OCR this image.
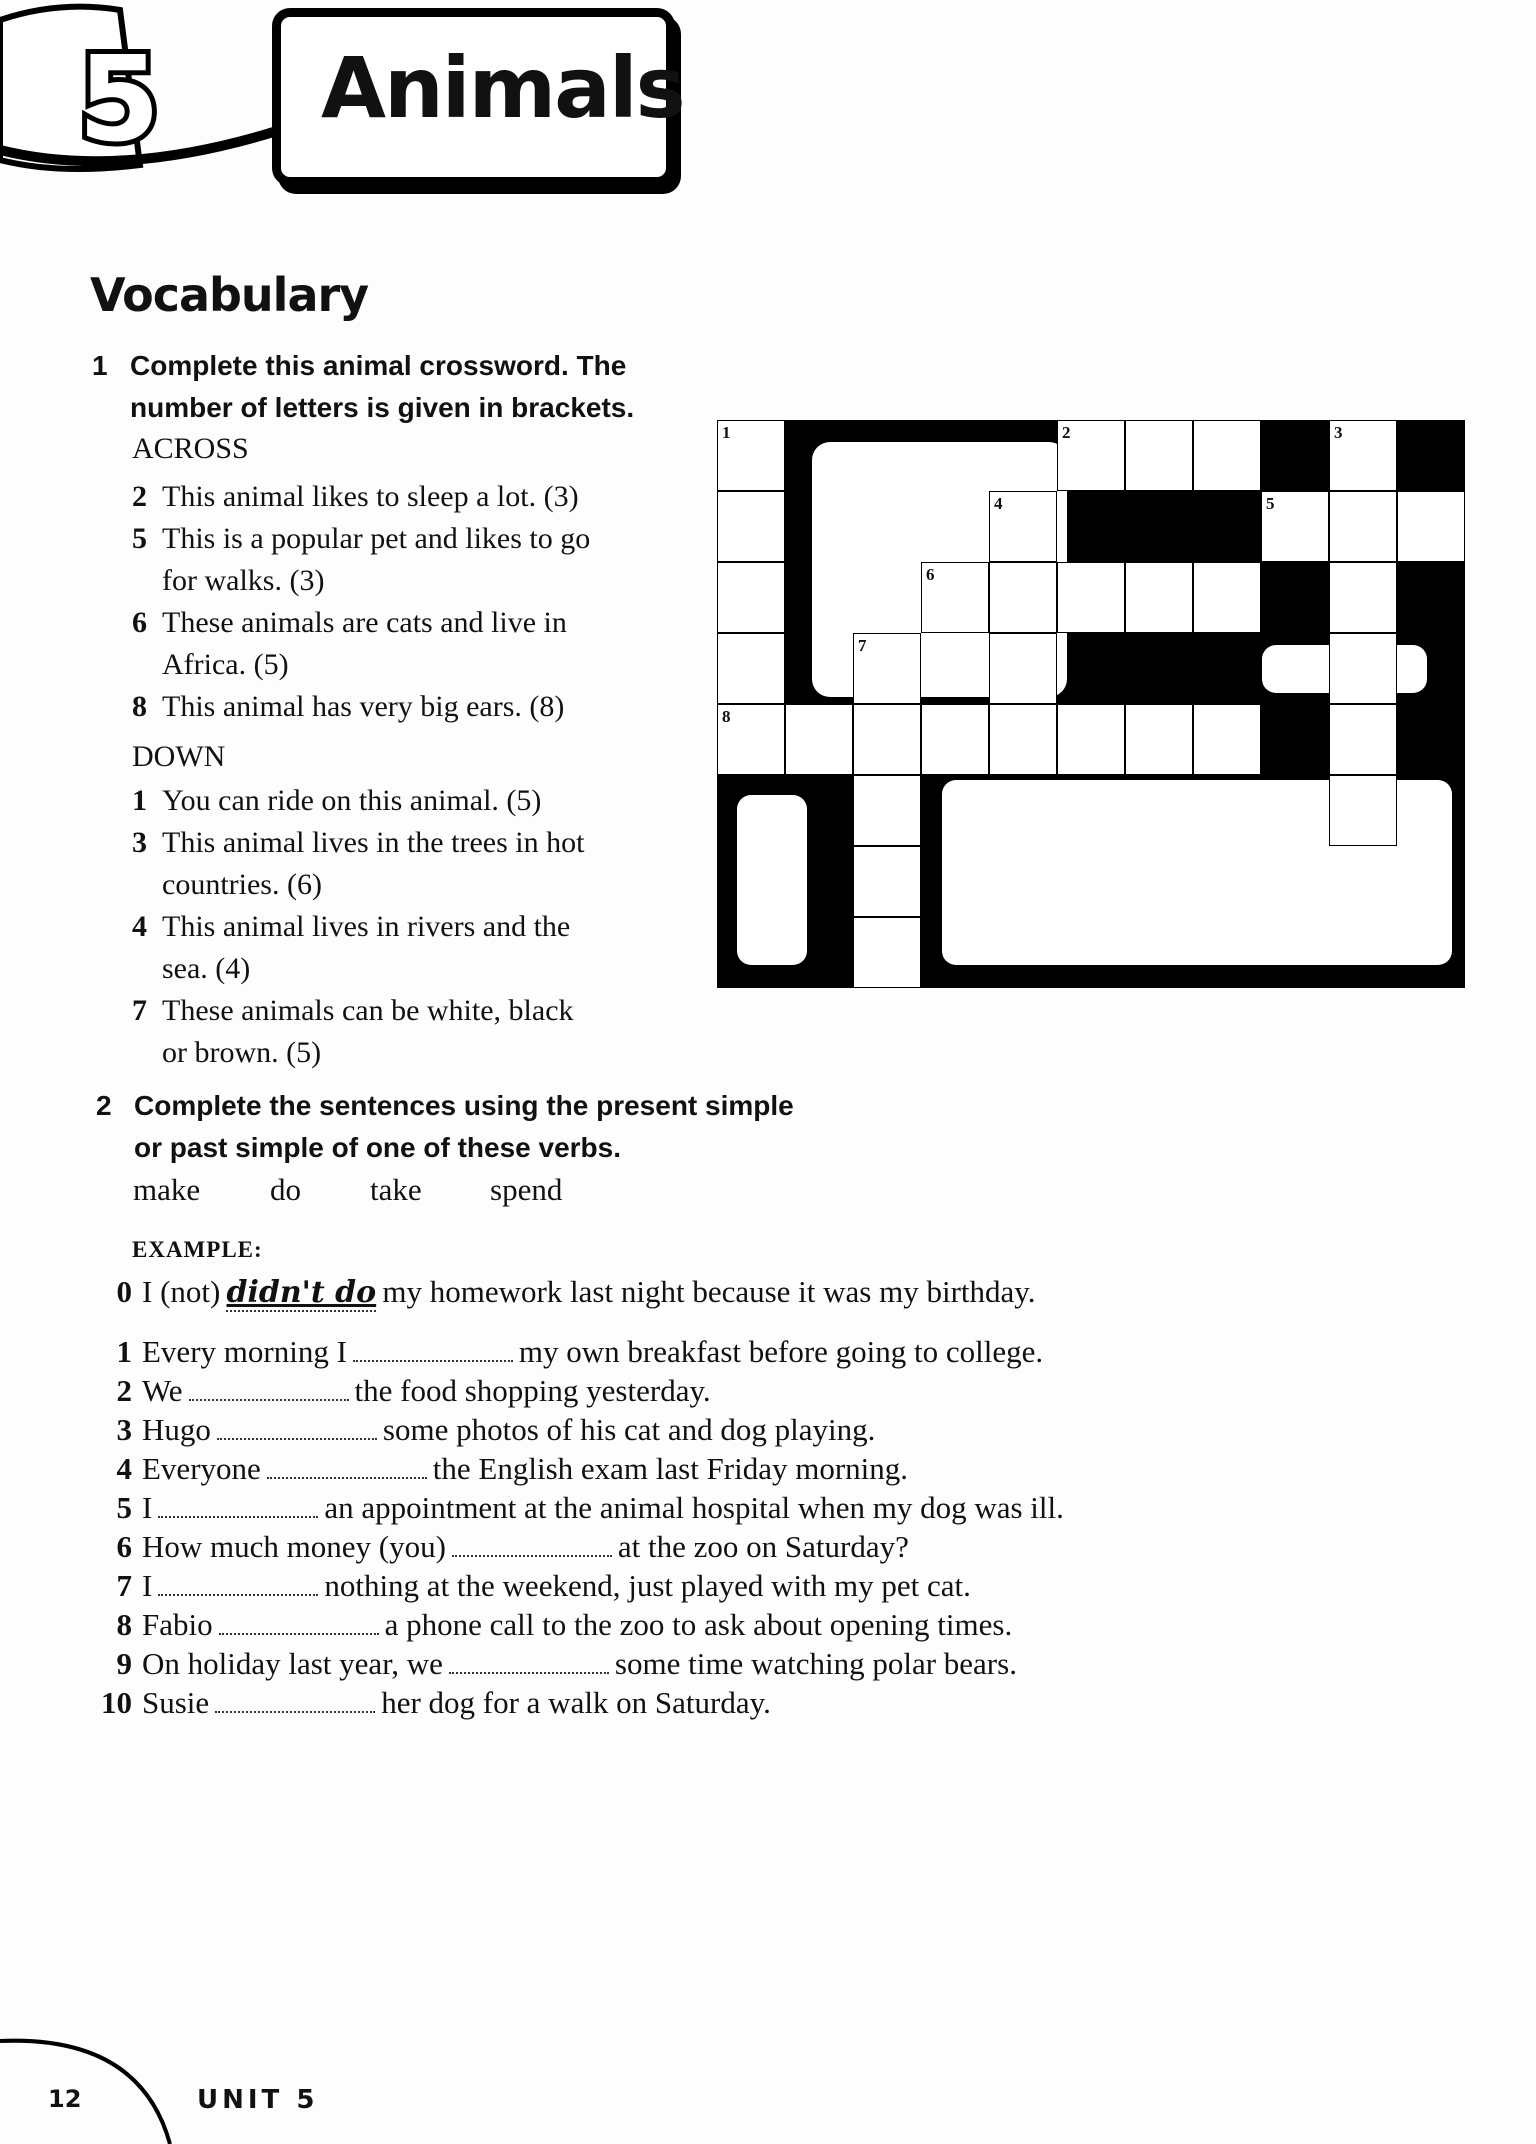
5 Animals
Vocabulary
1 Complete this animal crossword. The
number of letters is given in brackets.
ACROSS
2 This animal likes to sleep a lot. (3)
5 This is a popular pet and likes to go
for walks. (3)
6 These animals are cats and live in
Africa. (5)
8 This animal has very big ears. (8)
DOWN
1 You can ride on this animal. (5)
3 This animal lives in the trees in hot
countries. (6)
4 This animal lives in rivers and the
sea. (4)
7 These animals can be white, black
or brown. (5)
1	2	3
4	5
6
7
8
2 Complete the sentences using the present simple
or past simple of one of these verbs.
make do take spend
EXAMPLE:
0 I (not) didn't do my homework last night because it was my birthday.
1 Every morning I	my own breakfast before going to college.
2 We	the food shopping yesterday.
3 Hugo	some photos of his cat and dog playing.
4 Everyone	the English exam last Friday morning.
5 I	an appointment at the animal hospital when my dog was ill.
6 How much money (you)	at the zoo on Saturday?
7 I	nothing at the weekend, just played with my pet cat.
8 Fabio	a phone call to the zoo to ask about opening times.
9 On holiday last year, we	some time watching polar bears.
10 Susie	her dog for a walk on Saturday.
12	UNIT 5
